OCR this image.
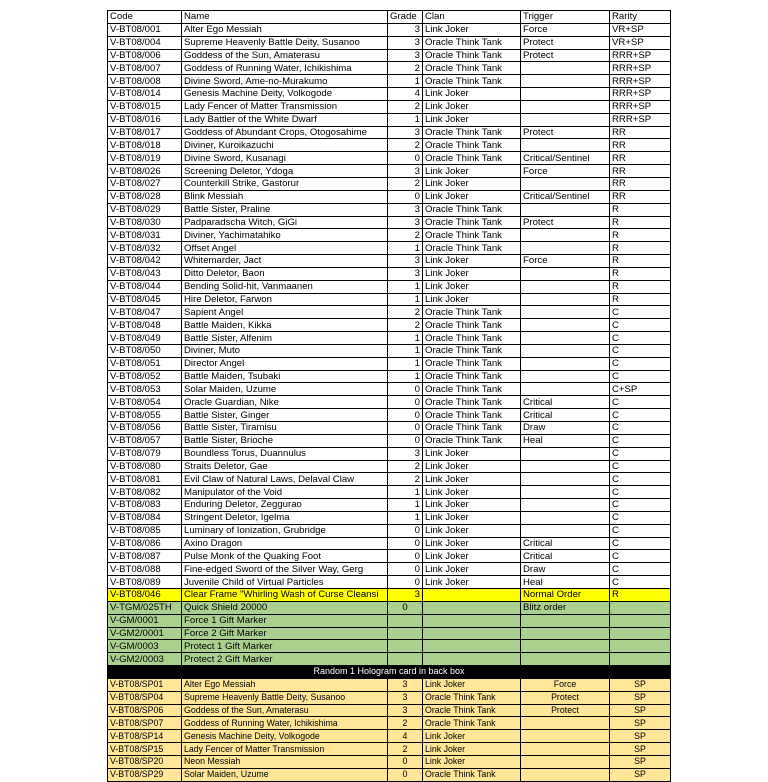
Code	Name	Grade	Clan	Trigger	Rarity
V-BT08/001	Alter Ego Messiah	3	Link Joker	Force	VR+SP
V-BT08/004	Supreme Heavenly Battle Deity, Susanoo	3	Oracle Think Tank	Protect	VR+SP
V-BT08/006	Goddess of the Sun, Amaterasu	3	Oracle Think Tank	Protect	RRR+SP
V-BT08/007	Goddess of Running Water, Ichikishima	2	Oracle Think Tank		RRR+SP
V-BT08/008	Divine Sword, Ame-no-Murakumo	1	Oracle Think Tank		RRR+SP
V-BT08/014	Genesis Machine Deity, Volkogode	4	Link Joker		RRR+SP
V-BT08/015	Lady Fencer of Matter Transmission	2	Link Joker		RRR+SP
V-BT08/016	Lady Battler of the White Dwarf	1	Link Joker		RRR+SP
V-BT08/017	Goddess of Abundant Crops, Otogosahime	3	Oracle Think Tank	Protect	RR
V-BT08/018	Diviner, Kuroikazuchi	2	Oracle Think Tank		RR
V-BT08/019	Divine Sword, Kusanagi	0	Oracle Think Tank	Critical/Sentinel	RR
V-BT08/026	Screening Deletor, Ydoga	3	Link Joker	Force	RR
V-BT08/027	Counterkill Strike, Gastorur	2	Link Joker		RR
V-BT08/028	Blink Messiah	0	Link Joker	Critical/Sentinel	RR
V-BT08/029	Battle Sister, Praline	3	Oracle Think Tank		R
V-BT08/030	Padparadscha Witch, GiGi	3	Oracle Think Tank	Protect	R
V-BT08/031	Diviner, Yachimatahiko	2	Oracle Think Tank		R
V-BT08/032	Offset Angel	1	Oracle Think Tank		R
V-BT08/042	Whitemarder, Jact	3	Link Joker	Force	R
V-BT08/043	Ditto Deletor, Baon	3	Link Joker		R
V-BT08/044	Bending Solid-hit, Vanmaanen	1	Link Joker		R
V-BT08/045	Hire Deletor, Farwon	1	Link Joker		R
V-BT08/047	Sapient Angel	2	Oracle Think Tank		C
V-BT08/048	Battle Maiden, Kikka	2	Oracle Think Tank		C
V-BT08/049	Battle Sister, Alfenim	1	Oracle Think Tank		C
V-BT08/050	Diviner, Muto	1	Oracle Think Tank		C
V-BT08/051	Director Angel	1	Oracle Think Tank		C
V-BT08/052	Battle Maiden, Tsubaki	1	Oracle Think Tank		C
V-BT08/053	Solar Maiden, Uzume	0	Oracle Think Tank		C+SP
V-BT08/054	Oracle Guardian, Nike	0	Oracle Think Tank	Critical	C
V-BT08/055	Battle Sister, Ginger	0	Oracle Think Tank	Critical	C
V-BT08/056	Battle Sister, Tiramisu	0	Oracle Think Tank	Draw	C
V-BT08/057	Battle Sister, Brioche	0	Oracle Think Tank	Heal	C
V-BT08/079	Boundless Torus, Duannulus	3	Link Joker		C
V-BT08/080	Straits Deletor, Gae	2	Link Joker		C
V-BT08/081	Evil Claw of Natural Laws, Delaval Claw	2	Link Joker		C
V-BT08/082	Manipulator of the Void	1	Link Joker		C
V-BT08/083	Enduring Deletor, Zeggurao	1	Link Joker		C
V-BT08/084	Stringent Deletor, Igelma	1	Link Joker		C
V-BT08/085	Luminary of Ionization, Grubridge	0	Link Joker		C
V-BT08/086	Axino Dragon	0	Link Joker	Critical	C
V-BT08/087	Pulse Monk of the Quaking Foot	0	Link Joker	Critical	C
V-BT08/088	Fine-edged Sword of the Silver Way, Gerg	0	Link Joker	Draw	C
V-BT08/089	Juvenile Child of Virtual Particles	0	Link Joker	Heal	C
V-BT08/046	Clear Frame "Whirling Wash of Curse Cleansi	3		Normal Order	R
V-TGM/025TH	Quick Shield 20000	0		Blitz order	
V-GM/0001	Force 1 Gift Marker				
V-GM2/0001	Force 2 Gift Marker				
V-GM/0003	Protect 1 Gift Marker				
V-GM2/0003	Protect 2 Gift Marker				
Random 1 Hologram card in back box					
V-BT08/SP01	Alter Ego Messiah	3	Link Joker	Force	SP
V-BT08/SP04	Supreme Heavenly Battle Deity, Susanoo	3	Oracle Think Tank	Protect	SP
V-BT08/SP06	Goddess of the Sun, Amaterasu	3	Oracle Think Tank	Protect	SP
V-BT08/SP07	Goddess of Running Water, Ichikishima	2	Oracle Think Tank		SP
V-BT08/SP14	Genesis Machine Deity, Volkogode	4	Link Joker		SP
V-BT08/SP15	Lady Fencer of Matter Transmission	2	Link Joker		SP
V-BT08/SP20	Neon Messiah	0	Link Joker		SP
V-BT08/SP29	Solar Maiden, Uzume	0	Oracle Think Tank		SP
